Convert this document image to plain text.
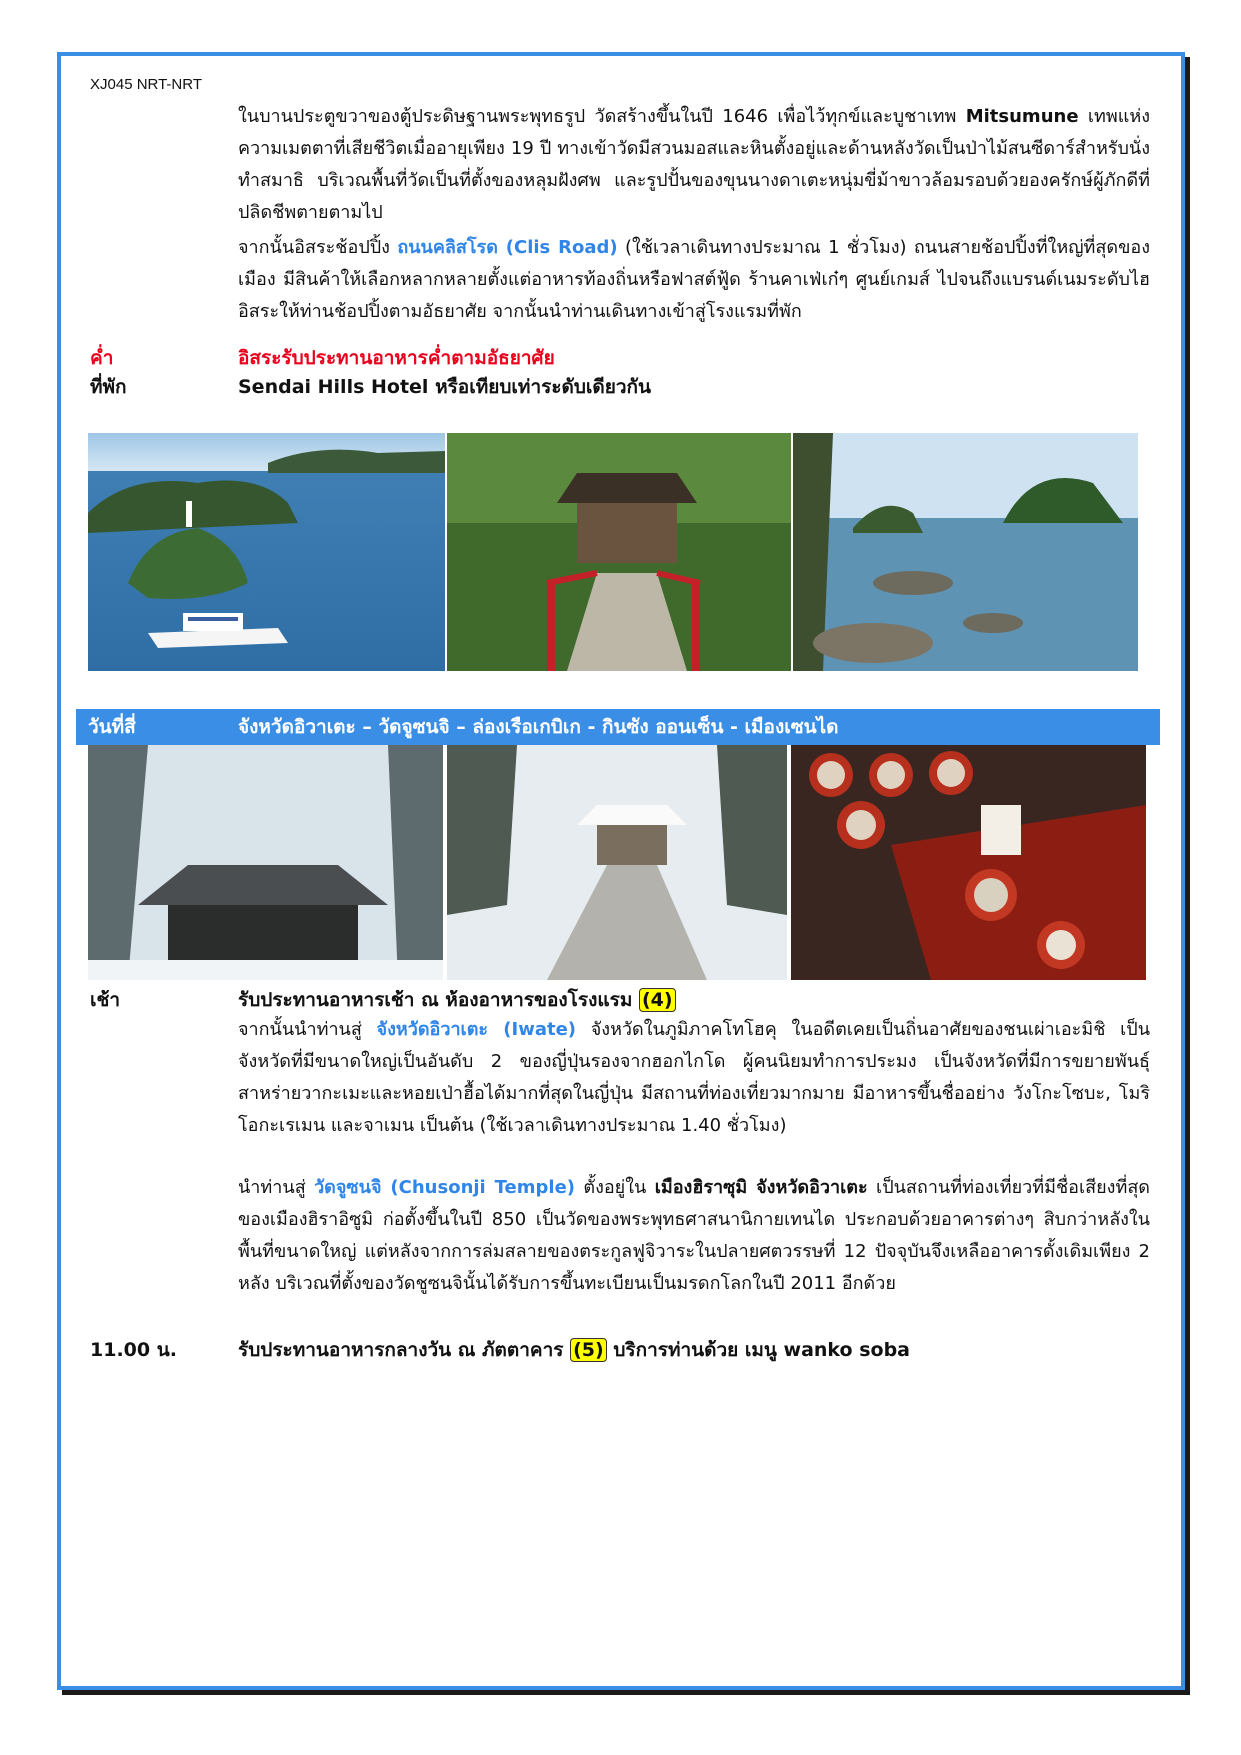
XJ045 NRT-NRT
ในบานประตูขวาของตู้ประดิษฐานพระพุทธรูป วัดสร้างขึ้นในปี 1646 เพื่อไว้ทุกข์และบูชาเทพ Mitsumune เทพแห่งความเมตตาที่เสียชีวิตเมื่ออายุเพียง 19 ปี ทางเข้าวัดมีสวนมอสและหินตั้งอยู่และด้านหลังวัดเป็นป่าไม้สนซีดาร์สำหรับนั่งทำสมาธิ บริเวณพื้นที่วัดเป็นที่ตั้งของหลุมฝังศพ และรูปปั้นของขุนนางดาเตะหนุ่มขี่ม้าขาวล้อมรอบด้วยองครักษ์ผู้ภักดีที่ปลิดชีพตายตามไป
จากนั้นอิสระช้อปปิ้ง ถนนคลิสโรด (Clis Road) (ใช้เวลาเดินทางประมาณ 1 ชั่วโมง) ถนนสายช้อปปิ้งที่ใหญ่ที่สุดของเมือง มีสินค้าให้เลือกหลากหลายตั้งแต่อาหารท้องถิ่นหรือฟาสต์ฟู้ด ร้านคาเฟ่เก๋ๆ ศูนย์เกมส์ ไปจนถึงแบรนด์เนมระดับไฮ อิสระให้ท่านช้อปปิ้งตามอัธยาศัย จากนั้นนำท่านเดินทางเข้าสู่โรงแรมที่พัก
ค่ำ	อิสระรับประทานอาหารค่ำตามอัธยาศัย
ที่พัก	Sendai Hills Hotel หรือเทียบเท่าระดับเดียวกัน
วันที่สี่	จังหวัดอิวาเตะ – วัดจูซนจิ – ล่องเรือเกบิเก - กินซัง ออนเซ็น - เมืองเซนได
เช้า	รับประทานอาหารเช้า ณ ห้องอาหารของโรงแรม (4)
จากนั้นนำท่านสู่ จังหวัดอิวาเตะ (Iwate) จังหวัดในภูมิภาคโทโฮคุ ในอดีตเคยเป็นถิ่นอาศัยของชนเผ่าเอะมิชิ เป็นจังหวัดที่มีขนาดใหญ่เป็นอันดับ 2 ของญี่ปุ่นรองจากฮอกไกโด ผู้คนนิยมทำการประมง เป็นจังหวัดที่มีการขยายพันธุ์สาหร่ายวากะเมะและหอยเป่าฮื้อได้มากที่สุดในญี่ปุ่น มีสถานที่ท่องเที่ยวมากมาย มีอาหารขึ้นชื่ออย่าง วังโกะโซบะ, โมริโอกะเรเมน และจาเมน เป็นต้น (ใช้เวลาเดินทางประมาณ 1.40 ชั่วโมง)
นำท่านสู่ วัดจูซนจิ (Chusonji Temple) ตั้งอยู่ใน เมืองฮิราซุมิ จังหวัดอิวาเตะ เป็นสถานที่ท่องเที่ยวที่มีชื่อเสียงที่สุดของเมืองฮิราอิซูมิ ก่อตั้งขึ้นในปี 850 เป็นวัดของพระพุทธศาสนานิกายเทนได ประกอบด้วยอาคารต่างๆ สิบกว่าหลังในพื้นที่ขนาดใหญ่ แต่หลังจากการล่มสลายของตระกูลฟูจิวาระในปลายศตวรรษที่ 12 ปัจจุบันจึงเหลืออาคารดั้งเดิมเพียง 2 หลัง บริเวณที่ตั้งของวัดชูซนจินั้นได้รับการขึ้นทะเบียนเป็นมรดกโลกในปี 2011 อีกด้วย
11.00 น.	รับประทานอาหารกลางวัน ณ ภัตตาคาร (5) บริการท่านด้วย เมนู wanko soba
